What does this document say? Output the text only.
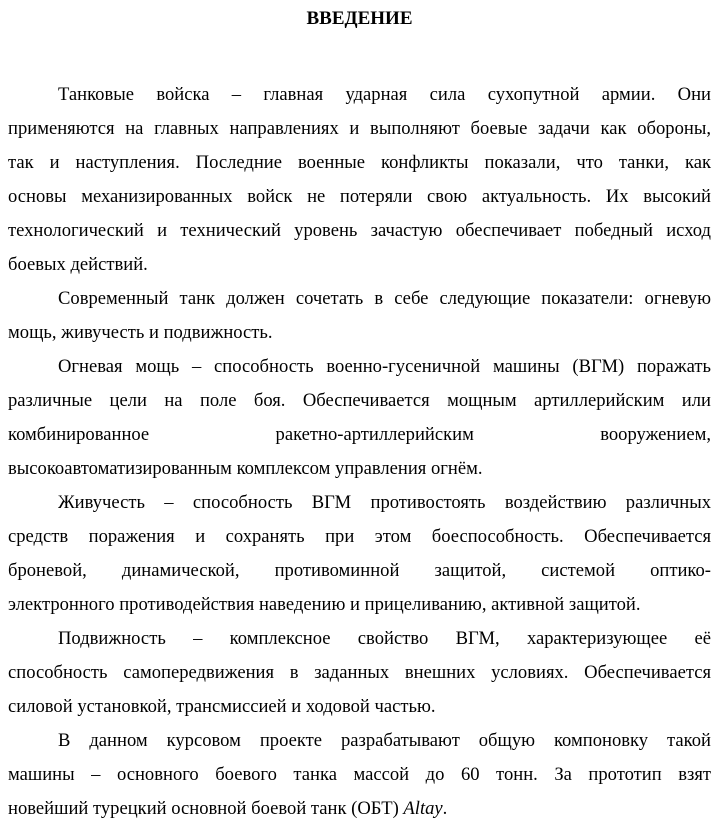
ВВЕДЕНИЕ
Танковые войска – главная ударная сила сухопутной армии. Они
применяются на главных направлениях и выполняют боевые задачи как обороны,
так и наступления. Последние военные конфликты показали, что танки, как
основы механизированных войск не потеряли свою актуальность. Их высокий
технологический и технический уровень зачастую обеспечивает победный исход
боевых действий.
Современный танк должен сочетать в себе следующие показатели: огневую
мощь, живучесть и подвижность.
Огневая мощь – способность военно-гусеничной машины (ВГМ) поражать
различные цели на поле боя. Обеспечивается мощным артиллерийским или
комбинированное ракетно-артиллерийским вооружением,
высокоавтоматизированным комплексом управления огнём.
Живучесть – способность ВГМ противостоять воздействию различных
средств поражения и сохранять при этом боеспособность. Обеспечивается
броневой, динамической, противоминной защитой, системой оптико-
электронного противодействия наведению и прицеливанию, активной защитой.
Подвижность – комплексное свойство ВГМ, характеризующее её
способность самопередвижения в заданных внешних условиях. Обеспечивается
силовой установкой, трансмиссией и ходовой частью.
В данном курсовом проекте разрабатывают общую компоновку такой
машины – основного боевого танка массой до 60 тонн. За прототип взят
новейший турецкий основной боевой танк (ОБТ) Altay.
